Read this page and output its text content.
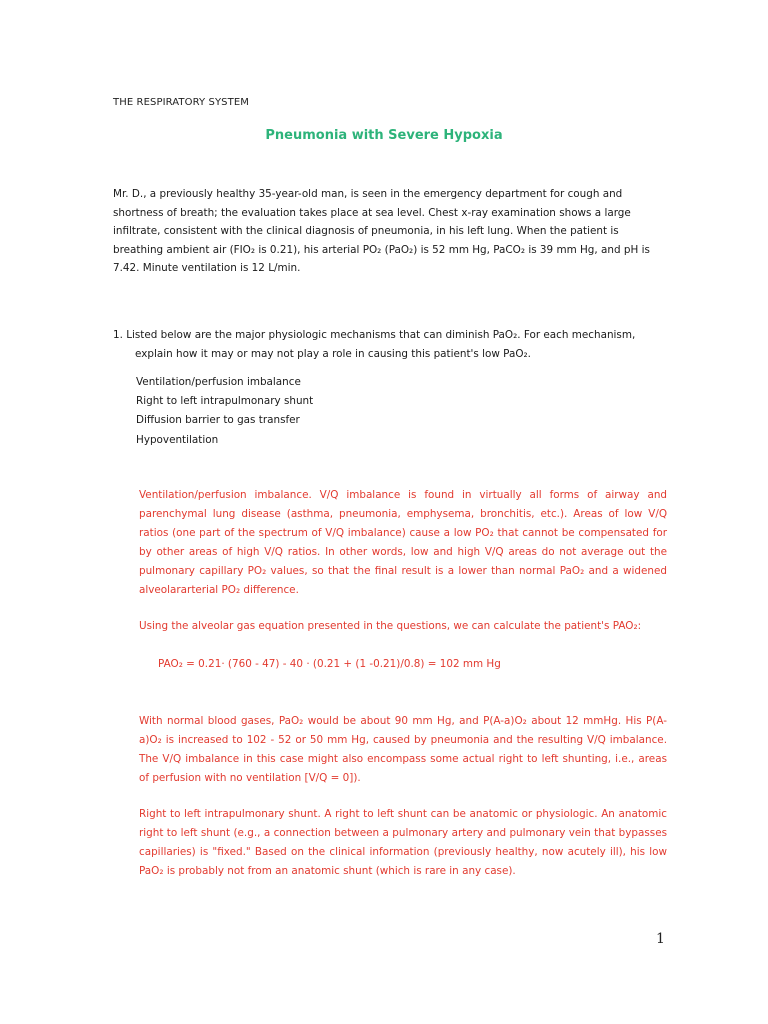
THE RESPIRATORY SYSTEM
Pneumonia with Severe Hypoxia
Mr. D., a previously healthy 35-year-old man, is seen in the emergency department for cough and shortness of breath; the evaluation takes place at sea level. Chest x-ray examination shows a large infiltrate, consistent with the clinical diagnosis of pneumonia, in his left lung. When the patient is breathing ambient air (FIO₂ is 0.21), his arterial PO₂ (PaO₂) is 52 mm Hg, PaCO₂ is 39 mm Hg, and pH is 7.42. Minute ventilation is 12 L/min.
1. Listed below are the major physiologic mechanisms that can diminish PaO₂. For each mechanism, explain how it may or may not play a role in causing this patient's low PaO₂.
Ventilation/perfusion imbalance
Right to left intrapulmonary shunt
Diffusion barrier to gas transfer
Hypoventilation
Ventilation/perfusion imbalance. V/Q imbalance is found in virtually all forms of airway and parenchymal lung disease (asthma, pneumonia, emphysema, bronchitis, etc.). Areas of low V/Q ratios (one part of the spectrum of V/Q imbalance) cause a low PO₂ that cannot be compensated for by other areas of high V/Q ratios. In other words, low and high V/Q areas do not average out the pulmonary capillary PO₂ values, so that the final result is a lower than normal PaO₂ and a widened alveolararterial PO₂ difference.
Using the alveolar gas equation presented in the questions, we can calculate the patient's PAO₂:
PAO₂ = 0.21· (760 - 47) - 40 · (0.21 + (1 -0.21)/0.8) = 102 mm Hg
With normal blood gases, PaO₂ would be about 90 mm Hg, and P(A-a)O₂ about 12 mmHg. His P(A-a)O₂ is increased to 102 - 52 or 50 mm Hg, caused by pneumonia and the resulting V/Q imbalance. The V/Q imbalance in this case might also encompass some actual right to left shunting, i.e., areas of perfusion with no ventilation [V/Q = 0]).
Right to left intrapulmonary shunt. A right to left shunt can be anatomic or physiologic. An anatomic right to left shunt (e.g., a connection between a pulmonary artery and pulmonary vein that bypasses capillaries) is "fixed." Based on the clinical information (previously healthy, now acutely ill), his low PaO₂ is probably not from an anatomic shunt (which is rare in any case).
1
